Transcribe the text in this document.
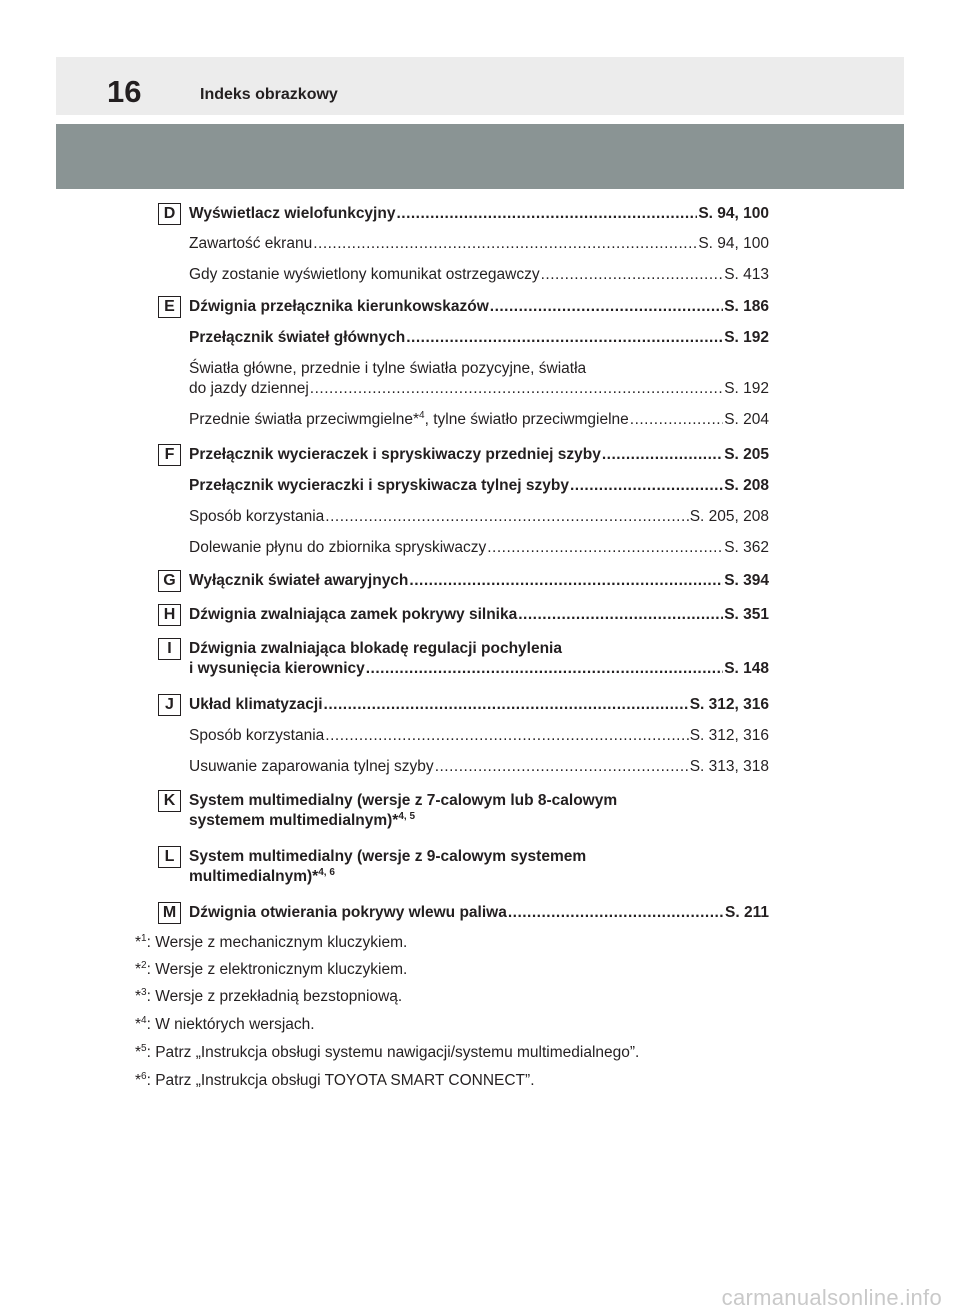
16	Indeks obrazkowy
D Wyświetlacz wielofunkcyjny .....	S. 94, 100
Zawartość ekranu .....	S. 94, 100
Gdy zostanie wyświetlony komunikat ostrzegawczy .....	S. 413
E Dźwignia przełącznika kierunkowskazów .....	S. 186
Przełącznik świateł głównych .....	S. 192
Światła główne, przednie i tylne światła pozycyjne, światła
do jazdy dziennej .....	S. 192
Przednie światła przeciwmgielne*$^4$, tylne światło przeciwmgielne .....	S. 204
F Przełącznik wycieraczek i spryskiwaczy przedniej szyby .....	S. 205
Przełącznik wycieraczki i spryskiwacza tylnej szyby .....	S. 208
Sposób korzystania .....	S. 205, 208
Dolewanie płynu do zbiornika spryskiwaczy .....	S. 362
G Wyłącznik świateł awaryjnych .....	S. 394
H Dźwignia zwalniająca zamek pokrywy silnika .....	S. 351
I	Dźwignia zwalniająca blokadę regulacji pochylenia
i wysunięcia kierownicy .....	S. 148
J Układ klimatyzacji .....	S. 312, 316
Sposób korzystania .....	S. 312, 316
Usuwanie zaparowania tylnej szyby .....	S. 313, 318
K System multimedialny (wersje z 7-calowym lub 8-calowym
systemem multimedialnym)*$^{4, 5}$
L System multimedialny (wersje z 9-calowym systemem
multimedialnym)*$^{4, 6}$
M Dźwignia otwierania pokrywy wlewu paliwa .....	S. 211
*$^1$: Wersje z mechanicznym kluczykiem.
*$^2$: Wersje z elektronicznym kluczykiem.
*$^3$: Wersje z przekładnią bezstopniową.
*$^4$: W niektórych wersjach.
*$^5$: Patrz „Instrukcja obsługi systemu nawigacji/systemu multimedialnego”.
*$^6$: Patrz „Instrukcja obsługi TOYOTA SMART CONNECT”.
carmanualsonline.info
